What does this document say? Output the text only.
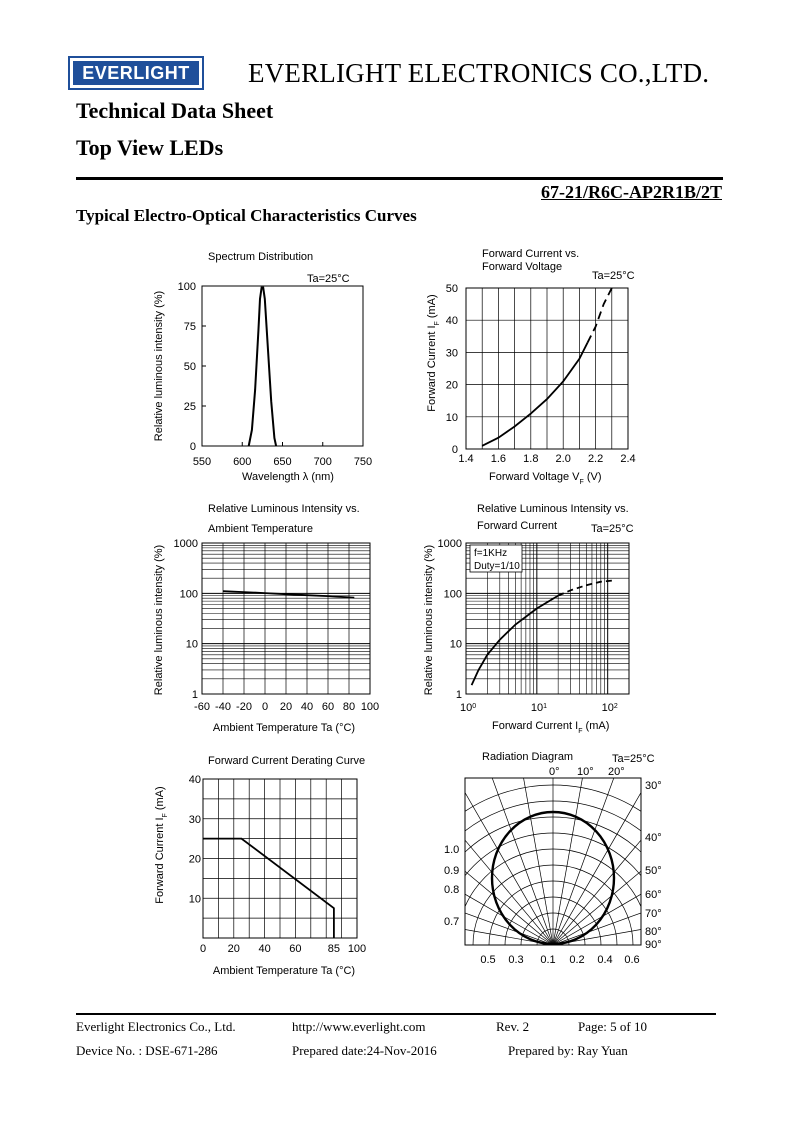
EVERLIGHT	EVERLIGHT ELECTRONICS CO.,LTD.
Technical Data Sheet
Top View LEDs
67-21/R6C-AP2R1B/2T
Typical Electro-Optical Characteristics Curves
Spectrum Distribution
Ta=25°C
550 600 650 700 750
0
25
50
75
100
Wavelength λ (nm)
Relative luminous intensity (%)
Forward Current vs.
Forward Voltage
Ta=25°C
1.4 1.6 1.8 2.0 2.2 2.4
0
10
20
30
40
50
Forward Voltage $V_F$ (V)
Forward Current $I_F$ (mA)
Relative Luminous Intensity vs.
Ambient Temperature
-60 -40 -20 0 20 40 60 80 100
1
10
100
1000
Ambient Temperature Ta (°C)
Relative luminous intensity (%)	f=1KHz
Duty=1/10
Relative Luminous Intensity vs.
Forward Current	Ta=25°C
$10^0$	$10^1$	$10^2$
1
10
100
1000
Forward Current $I_F$ (mA)
Relative luminous intensity (%)
Forward Current Derating Curve
0 20 40 60 85 100
10
20
30
40
Ambient Temperature Ta (°C)
Forward Current $I_F$ (mA)
Radiation Diagram	Ta=25°C
0° 10° 20°
30°
40°
50°
60°
70°
80°
90°
1.0
0.9
0.8
0.7
0.5 0.3 0.1 0.2 0.4 0.6
Everlight Electronics Co., Ltd.	http://www.everlight.com	Rev. 2	Page: 5 of 10
Device No. : DSE-671-286	Prepared date:24-Nov-2016	Prepared by: Ray Yuan
